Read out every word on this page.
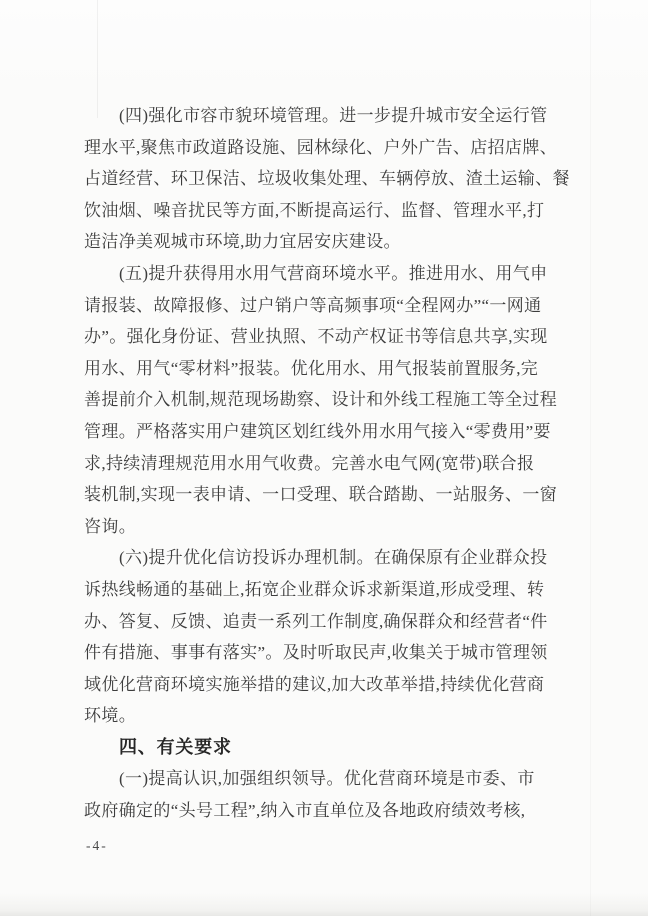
(四)强化市容市貌环境管理。进一步提升城市安全运行管
理水平,聚焦市政道路设施、园林绿化、户外广告、店招店牌、
占道经营、环卫保洁、垃圾收集处理、车辆停放、渣土运输、餐
饮油烟、噪音扰民等方面,不断提高运行、监督、管理水平,打
造洁净美观城市环境,助力宜居安庆建设。
(五)提升获得用水用气营商环境水平。推进用水、用气申
请报装、故障报修、过户销户等高频事项“全程网办”“一网通
办”。强化身份证、营业执照、不动产权证书等信息共享,实现
用水、用气“零材料”报装。优化用水、用气报装前置服务,完
善提前介入机制,规范现场勘察、设计和外线工程施工等全过程
管理。严格落实用户建筑区划红线外用水用气接入“零费用”要
求,持续清理规范用水用气收费。完善水电气网(宽带)联合报
装机制,实现一表申请、一口受理、联合踏勘、一站服务、一窗
咨询。
(六)提升优化信访投诉办理机制。在确保原有企业群众投
诉热线畅通的基础上,拓宽企业群众诉求新渠道,形成受理、转
办、答复、反馈、追责一系列工作制度,确保群众和经营者“件
件有措施、事事有落实”。及时听取民声,收集关于城市管理领
域优化营商环境实施举措的建议,加大改革举措,持续优化营商
环境。
四、有关要求
(一)提高认识,加强组织领导。优化营商环境是市委、市
政府确定的“头号工程”,纳入市直单位及各地政府绩效考核,
-4-
